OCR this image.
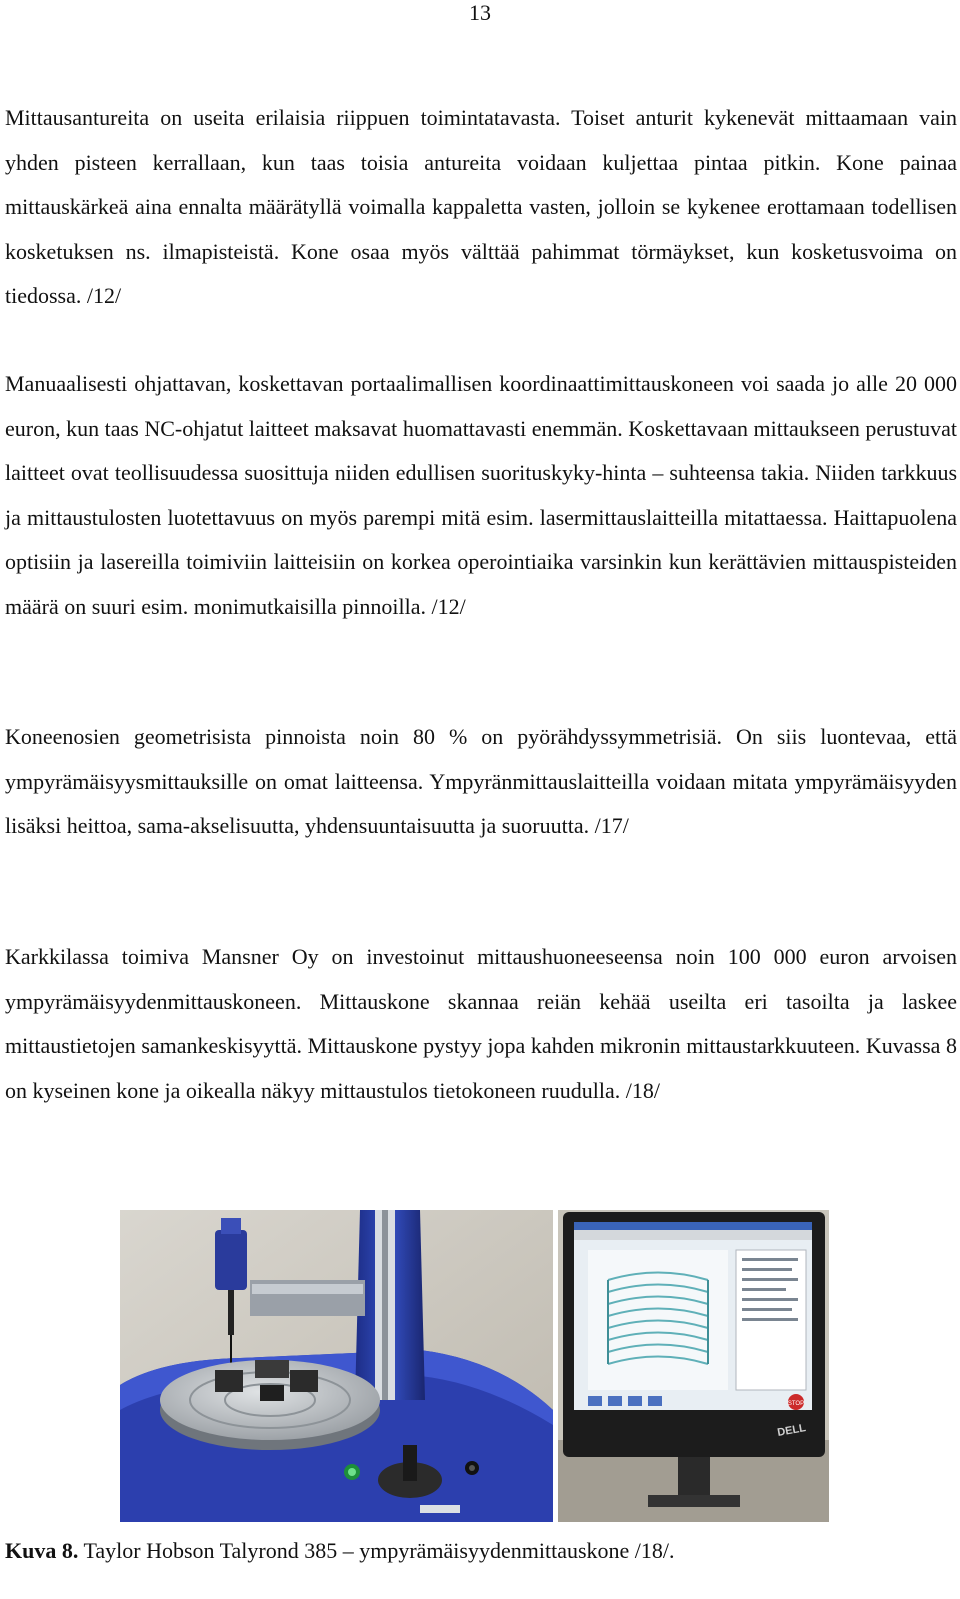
13

Mittausantureita on useita erilaisia riippuen toimintatavasta. Toiset anturit kykenevät mittaamaan vain yhden pisteen kerrallaan, kun taas toisia antureita voidaan kuljettaa pintaa pitkin. Kone painaa mittauskärkeä aina ennalta määrätyllä voimalla kappaletta vasten, jolloin se kykenee erottamaan todellisen kosketuksen ns. ilmapisteistä. Kone osaa myös välttää pahimmat törmäykset, kun kosketusvoima on tiedossa. /12/

Manuaalisesti ohjattavan, koskettavan portaalimallisen koordinaattimittauskoneen voi saada jo alle 20 000 euron, kun taas NC-ohjatut laitteet maksavat huomattavasti enemmän. Koskettavaan mittaukseen perustuvat laitteet ovat teollisuudessa suosittuja niiden edullisen suorituskyky-hinta – suhteensa takia. Niiden tarkkuus ja mittaustulosten luotettavuus on myös parempi mitä esim. lasermittauslaitteilla mitattaessa. Haittapuolena optisiin ja lasereilla toimiviin laitteisiin on korkea operointiaika varsinkin kun kerättävien mittauspisteiden määrä on suuri esim. monimutkaisilla pinnoilla. /12/

Koneenosien geometrisista pinnoista noin 80 % on pyörähdyssymmetrisiä. On siis luontevaa, että ympyrämäisyysmittauksille on omat laitteensa. Ympyränmittauslaitteilla voidaan mitata ympyrämäisyyden lisäksi heittoa, sama-akselisuutta, yhdensuuntaisuutta ja suoruutta. /17/

Karkkilassa toimiva Mansner Oy on investoinut mittaushuoneeseensa noin 100 000 euron arvoisen ympyrämäisyydenmittauskoneen. Mittauskone skannaa reiän kehää useilta eri tasoilta ja laskee mittaustietojen samankeskisyyttä. Mittauskone pystyy jopa kahden mikronin mittaustarkkuuteen. Kuvassa 8 on kyseinen kone ja oikealla näkyy mittaustulos tietokoneen ruudulla. /18/

STOP
DELL

Kuva 8. Taylor Hobson Talyrond 385 – ympyrämäisyydenmittauskone /18/.
